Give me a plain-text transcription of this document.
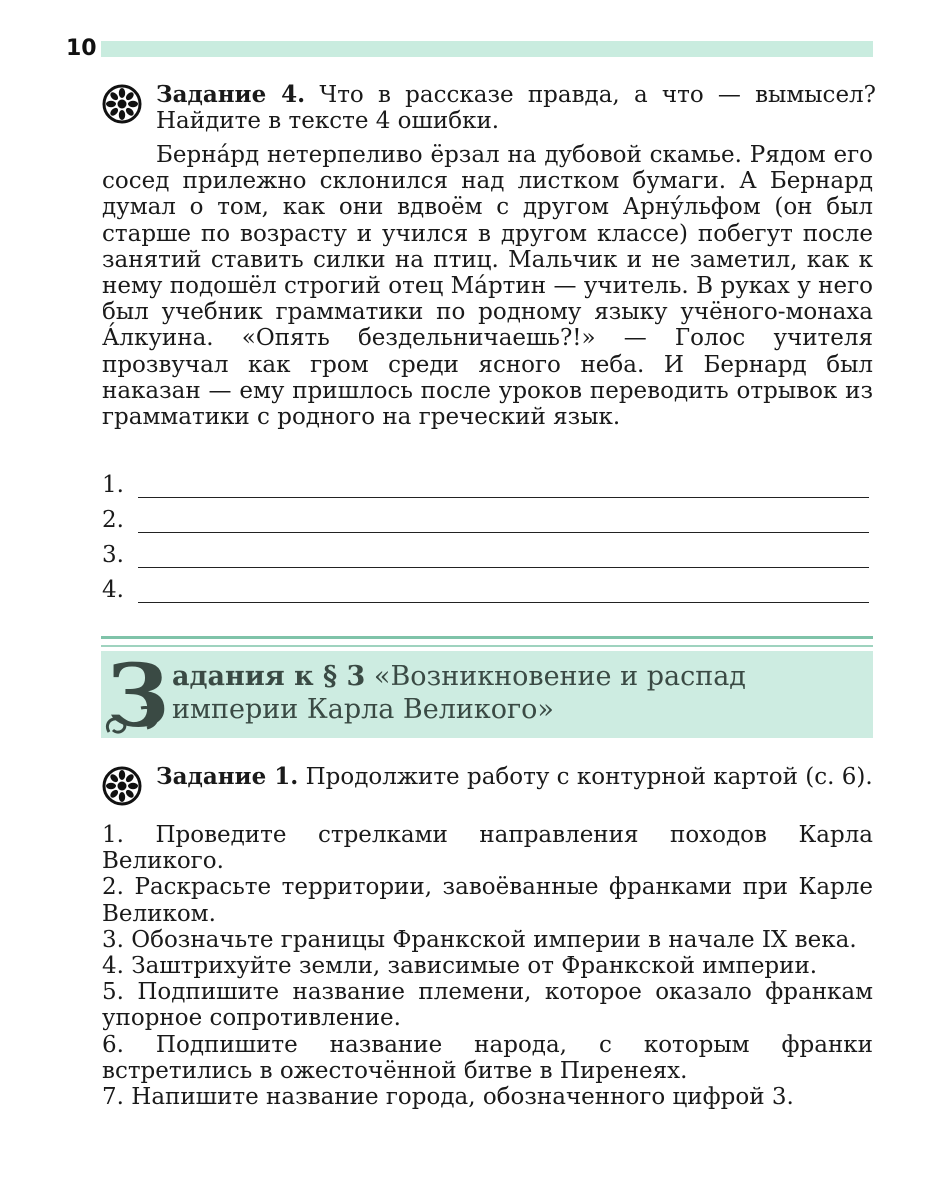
10
Задание 4. Что в рассказе правда, а что — вымысел? Найдите в тексте 4 ошибки.

Берна́рд нетерпеливо ёрзал на дубовой скамье. Рядом его сосед прилежно склонился над листком бумаги. А Бернард думал о том, как они вдвоём с другом Арну́льфом (он был старше по возрасту и учился в другом классе) побегут после занятий ставить силки на птиц. Мальчик и не заметил, как к нему подошёл строгий отец Ма́ртин — учитель. В руках у него был учебник грамматики по родному языку учёного-монаха А́лкуина. «Опять бездельничаешь?!» — Голос учителя прозвучал как гром среди ясного неба. И Бернард был наказан — ему пришлось после уроков переводить отрывок из грамматики с родного на греческий язык.

1.
2.
3.
4.
З адания к § 3 «Возникновение и распад империи Карла Великого»
Задание 1. Продолжите работу с контурной картой (с. 6).

1. Проведите стрелками направления походов Карла Великого.

2. Раскрасьте территории, завоёванные франками при Карле Великом.

3. Обозначьте границы Франкской империи в начале IX века.

4. Заштрихуйте земли, зависимые от Франкской империи.

5. Подпишите название племени, которое оказало франкам упорное сопротивление.

6. Подпишите название народа, с которым франки встретились в ожесточённой битве в Пиренеях.

7. Напишите название города, обозначенного цифрой 3.
